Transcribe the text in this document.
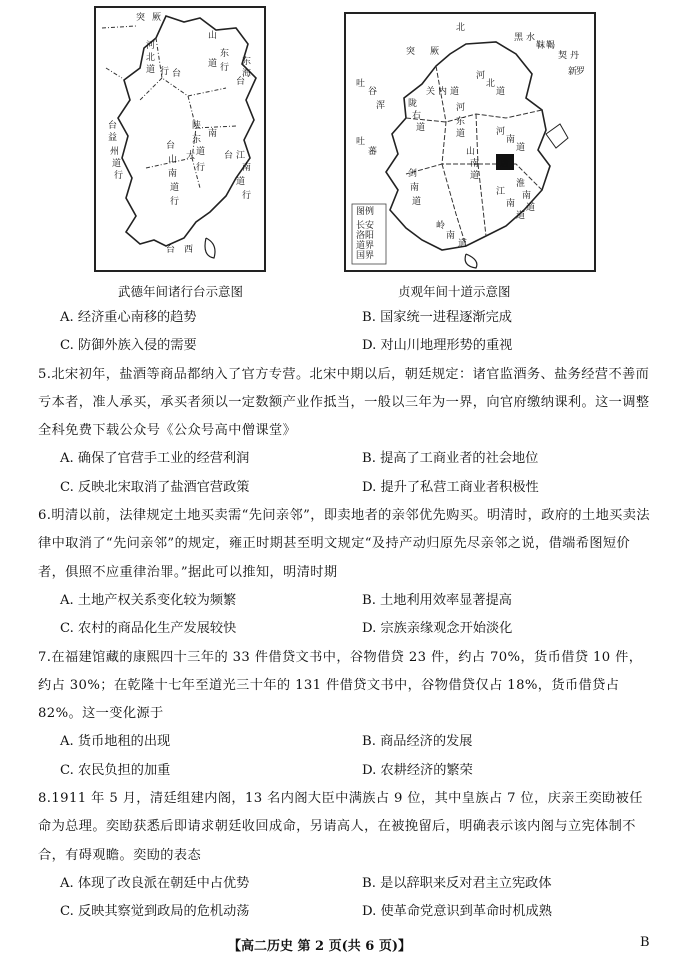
突 厥
河
北
道 行 台
东
海
山
东
道 行
台
陕
东
道
大
行
台 江
南
道
行
台
益
州
道
行
台
山
南
道
行
台 西
南
武德年间诸行台示意图
北
突 厥
黑 水
靺 鞨
契 丹
新
罗
吐
谷
浑
吐
蕃
关 内 道
河
北
道
河
东
道	河
南
道
陇
右
道
淮
南
道
山
南
道
剑
南
道
江
南
道
岭
南
道
唐
图例
长安
洛阳
道界
国界
贞观年间十道示意图
A. 经济重心南移的趋势	B. 国家统一进程逐渐完成
C. 防御外族入侵的需要	D. 对山川地理形势的重视
5.北宋初年，盐酒等商品都纳入了官方专营。北宋中期以后，朝廷规定：诸官监酒务、盐务经营不善而亏本者，准人承买，承买者须以一定数额产业作抵当，一般以三年为一界，向官府缴纳课利。这一调整 全科免费下载公众号《公众号高中僧课堂》
A. 确保了官营手工业的经营利润	B. 提高了工商业者的社会地位
C. 反映北宋取消了盐酒官营政策	D. 提升了私营工商业者积极性
6.明清以前，法律规定土地买卖需“先问亲邻”，即卖地者的亲邻优先购买。明清时，政府的土地买卖法律中取消了“先问亲邻”的规定，雍正时期甚至明文规定“及持产动归原先尽亲邻之说，借端希图短价者，俱照不应重律治罪。”据此可以推知，明清时期
A. 土地产权关系变化较为频繁	B. 土地利用效率显著提高
C. 农村的商品化生产发展较快	D. 宗族亲缘观念开始淡化
7.在福建馆藏的康熙四十三年的 33 件借贷文书中，谷物借贷 23 件，约占 70%，货币借贷 10 件，约占 30%；在乾隆十七年至道光三十年的 131 件借贷文书中，谷物借贷仅占 18%，货币借贷占 82%。这一变化源于
A. 货币地租的出现	B. 商品经济的发展
C. 农民负担的加重	D. 农耕经济的繁荣
8.1911 年 5 月，清廷组建内阁，13 名内阁大臣中满族占 9 位，其中皇族占 7 位，庆亲王奕劻被任命为总理。奕劻获悉后即请求朝廷收回成命，另请高人，在被挽留后，明确表示该内阁与立宪体制不合，有碍观瞻。奕劻的表态
A. 体现了改良派在朝廷中占优势	B. 是以辞职来反对君主立宪政体
C. 反映其察觉到政局的危机动荡	D. 使革命党意识到革命时机成熟
【高二历史 第 2 页(共 6 页)】	B
